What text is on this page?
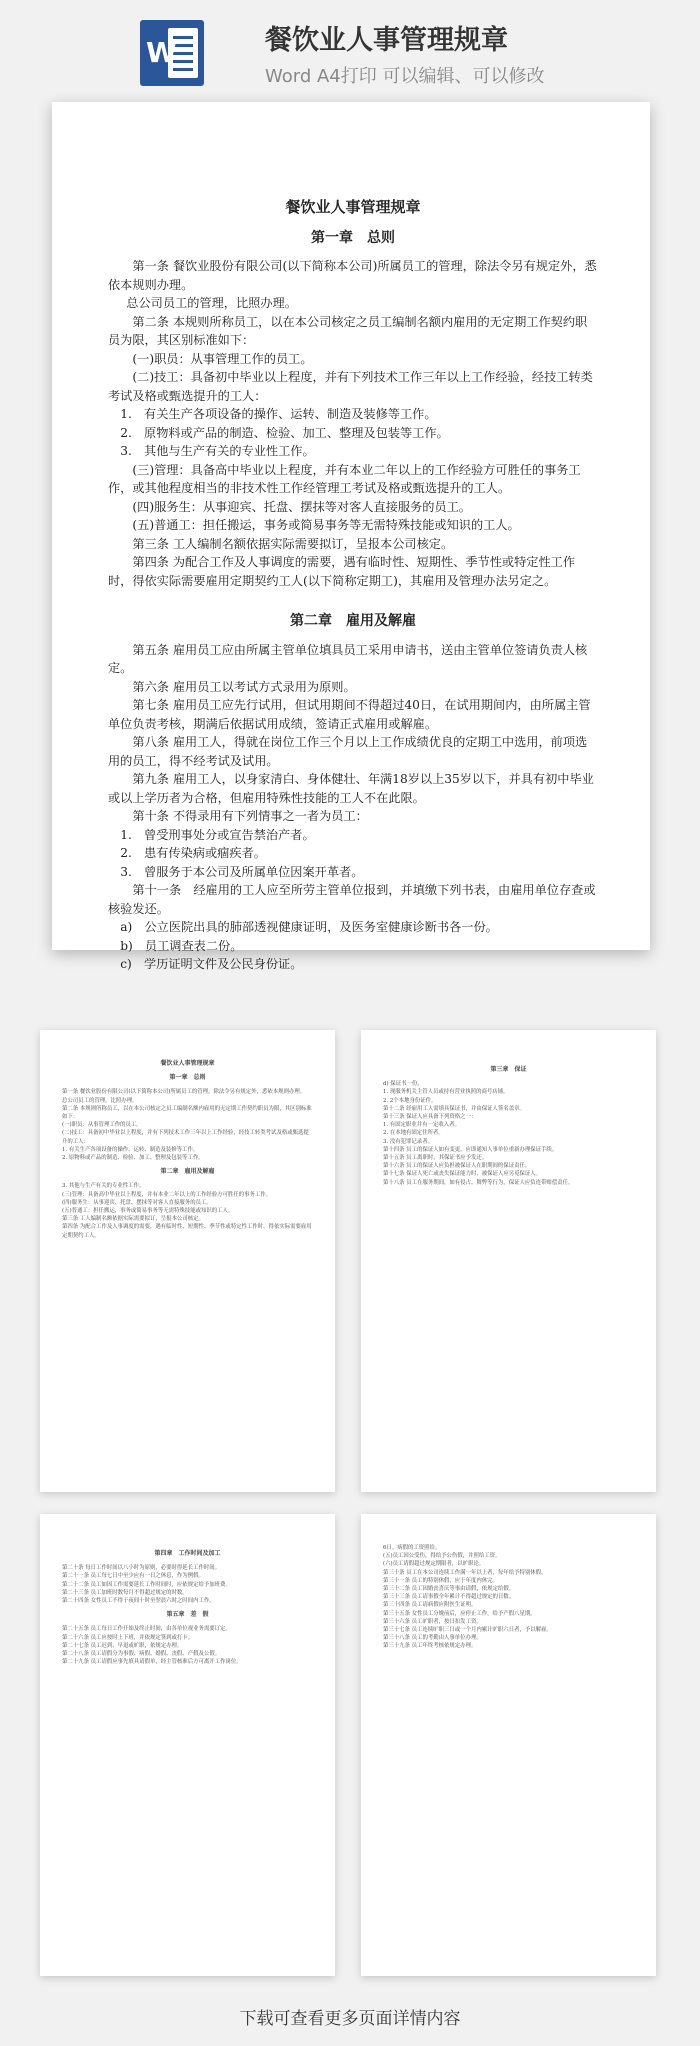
W	餐饮业人事管理规章
Word A4打印 可以编辑、可以修改
餐饮业人事管理规章
第一章　总则

第一条 餐饮业股份有限公司(以下简称本公司)所属员工的管理，除法令另有规定外，悉依本规则办理。

总公司员工的管理，比照办理。

第二条 本规则所称员工，以在本公司核定之员工编制名额内雇用的无定期工作契约职员为限，其区别标准如下：

(一)职员：从事管理工作的员工。

(二)技工：具备初中毕业以上程度，并有下列技术工作三年以上工作经验，经技工转类考试及格或甄选提升的工人：

1.　有关生产各项设备的操作、运转、制造及装修等工作。

2.　原物料或产品的制造、检验、加工、整理及包装等工作。

3.　其他与生产有关的专业性工作。

(三)管理：具备高中毕业以上程度，并有本业二年以上的工作经验方可胜任的事务工作，或其他程度相当的非技术性工作经管理工考试及格或甄选提升的工人。

(四)服务生：从事迎宾、托盘、摆抹等对客人直接服务的员工。

(五)普通工：担任搬运，事务或简易事务等无需特殊技能或知识的工人。

第三条 工人编制名额依据实际需要拟订，呈报本公司核定。

第四条 为配合工作及人事调度的需要，遇有临时性、短期性、季节性或特定性工作时，得依实际需要雇用定期契约工人(以下简称定期工)，其雇用及管理办法另定之。

第二章　雇用及解雇

第五条 雇用员工应由所属主管单位填具员工采用申请书，送由主管单位签请负责人核定。

第六条 雇用员工以考试方式录用为原则。

第七条 雇用员工应先行试用，但试用期间不得超过40日，在试用期间内，由所属主管单位负责考核，期满后依据试用成绩，签请正式雇用或解雇。

第八条 雇用工人，得就在岗位工作三个月以上工作成绩优良的定期工中选用，前项选用的员工，得不经考试及试用。

第九条 雇用工人，以身家清白、身体健壮、年满18岁以上35岁以下，并具有初中毕业或以上学历者为合格，但雇用特殊性技能的工人不在此限。

第十条 不得录用有下列情事之一者为员工：

1.　曾受刑事处分或宣告禁治产者。

2.　患有传染病或痼疾者。

3.　曾服务于本公司及所属单位因案开革者。

第十一条　经雇用的工人应至所劳主管单位报到，并填缴下列书表，由雇用单位存查或核验发还。

a)　公立医院出具的肺部透视健康证明，及医务室健康诊断书各一份。

b)　员工调查表二份。

c)　学历证明文件及公民身份证。

餐饮业人事管理规章
第一章　总则

第一条 餐饮业股份有限公司(以下简称本公司)所属员工的管理，除法令另有规定外，悉依本规则办理。

总公司员工的管理，比照办理。

第二条 本规则所称员工，以在本公司核定之员工编制名额内雇用的无定期工作契约职员为限，其区别标准如下：

(一)职员：从事管理工作的员工。

(二)技工：具备初中毕业以上程度，并有下列技术工作三年以上工作经验，经技工转类考试及格或甄选提升的工人：

1. 有关生产各项设备的操作、运转、制造及装修等工作。

2. 原物料或产品的制造、检验、加工、整理及包装等工作。

第二章　雇用及解雇

3. 其他与生产有关的专业性工作。

(三)管理：具备高中毕业以上程度，并有本业二年以上的工作经验方可胜任的事务工作。

(四)服务生：从事迎宾、托盘、摆抹等对客人直接服务的员工。

(五)普通工：担任搬运，事务或简易事务等无需特殊技能或知识的工人。

第三条 工人编制名额依据实际需要拟订，呈报本公司核定。

第四条 为配合工作及人事调度的需要，遇有临时性、短期性、季节性或特定性工作时，得依实际需要雇用定期契约工人。

第三章　保证

d) 保证书一份。

1. 现服务机关主管人员或持有营业执照的商号店铺。

2. 2个本地身份证件。

第十二条 经雇用工人需填具保证书，并由保证人签名盖章。

第十三条 保证人应具备下列资格之一：

1. 有固定职业并有一定收入者。

2. 在本地有固定住所者。

3. 没有犯罪记录者。

第十四条 员工的保证人如有变更，应即通知人事单位重新办理保证手续。

第十五条 员工离职时，其保证书应予发还。

第十六条 员工的保证人应负担被保证人在职期间的保证责任。

第十七条 保证人死亡或丧失保证能力时，被保证人应另觅保证人。

第十八条 员工在服务期间，如有侵占、舞弊等行为，保证人应负连带赔偿责任。

第四章　工作时间及加工

第二十条 每日工作时间以八小时为原则，必要时得延长工作时间。

第二十一条 员工每七日中至少应有一日之休息，作为例假。

第二十二条 员工如因工作需要延长工作时间时，应依规定给予加班费。

第二十三条 员工加班时数每月不得超过规定的时数。

第二十四条 女性员工不得于夜间十时至翌晨六时之时间内工作。

第五章　差　假

第二十五条 员工每日工作开始及终止时间，由各单位视业务需要订定。

第二十六条 员工应按时上下班，并依规定签到或打卡。

第二十七条 员工迟到、早退或旷职，依规定办理。

第二十八条 员工请假分为事假、病假、婚假、丧假、产假及公假。

第二十九条 员工请假应事先填具请假单，经主管核准后方可离开工作岗位。

6日。病假的工资照给。

(五)员工因公受伤，得给予公伤假，并照给工资。

(六)员工请假超过规定期限者，以旷职论。

第三十条 员工在本公司连续工作满一年以上者，每年给予特别休假。

第三十一条 员工的特别休假，应于年度内休完。

第三十二条 员工因婚丧喜庆等事由请假，依规定给假。

第三十三条 员工请事假全年累计不得超过规定的日数。

第三十四条 员工请病假应附医生证明。

第三十五条 女性员工分娩前后，应停止工作，给予产假八星期。

第三十六条 员工旷职者，按日扣发工资。

第三十七条 员工连续旷职三日或一个月内累计旷职六日者，予以解雇。

第三十八条 员工的考勤由人事单位办理。

第三十九条 员工年终考核依规定办理。

下载可查看更多页面详情内容
